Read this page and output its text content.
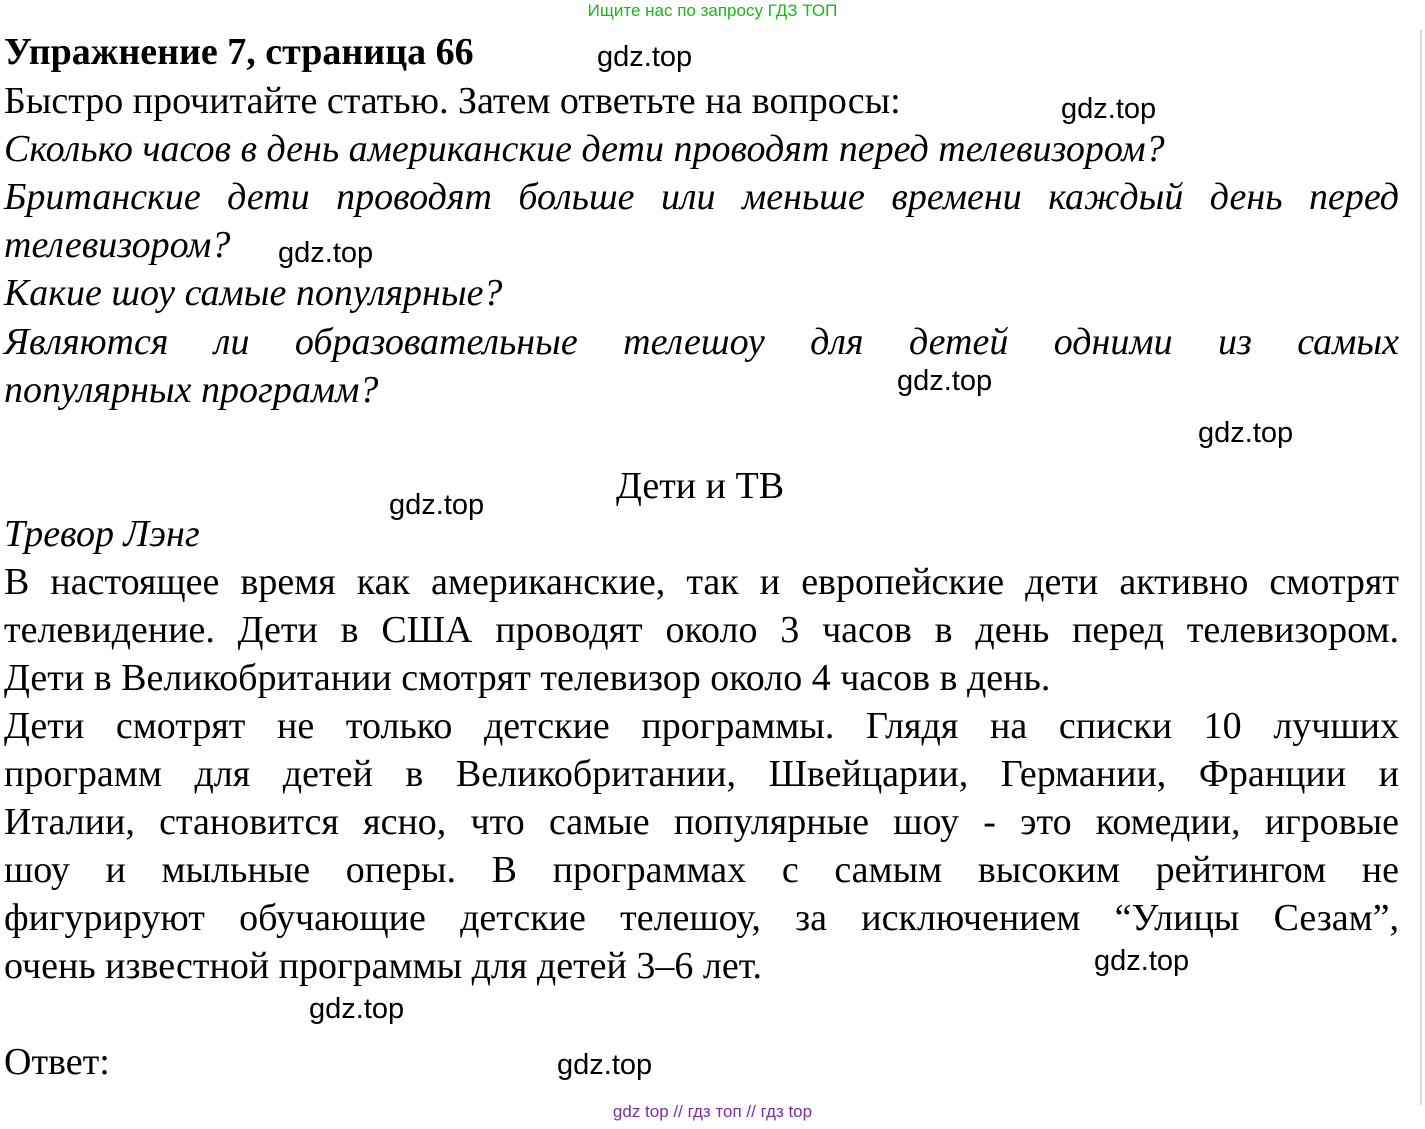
Ищите нас по запросу ГДЗ ТОП
Упражнение 7, страница 66
Быстро прочитайте статью. Затем ответьте на вопросы:
Сколько часов в день американские дети проводят перед телевизором?
Британские дети проводят больше или меньше времени каждый день перед
телевизором?
Какие шоу самые популярные?
Являются ли образовательные телешоу для детей одними из самых
популярных программ?
Дети и ТВ
Тревор Лэнг
В настоящее время как американские, так и европейские дети активно смотрят
телевидение. Дети в США проводят около 3 часов в день перед телевизором.
Дети в Великобритании смотрят телевизор около 4 часов в день.
Дети смотрят не только детские программы. Глядя на списки 10 лучших
программ для детей в Великобритании, Швейцарии, Германии, Франции и
Италии, становится ясно, что самые популярные шоу - это комедии, игровые
шоу и мыльные оперы. В программах с самым высоким рейтингом не
фигурируют обучающие детские телешоу, за исключением “Улицы Сезам”,
очень известной программы для детей 3–6 лет.
Ответ:
gdz.top
gdz.top
gdz.top
gdz.top
gdz.top
gdz.top
gdz.top
gdz.top
gdz.top
gdz top // гдз топ // гдз top
